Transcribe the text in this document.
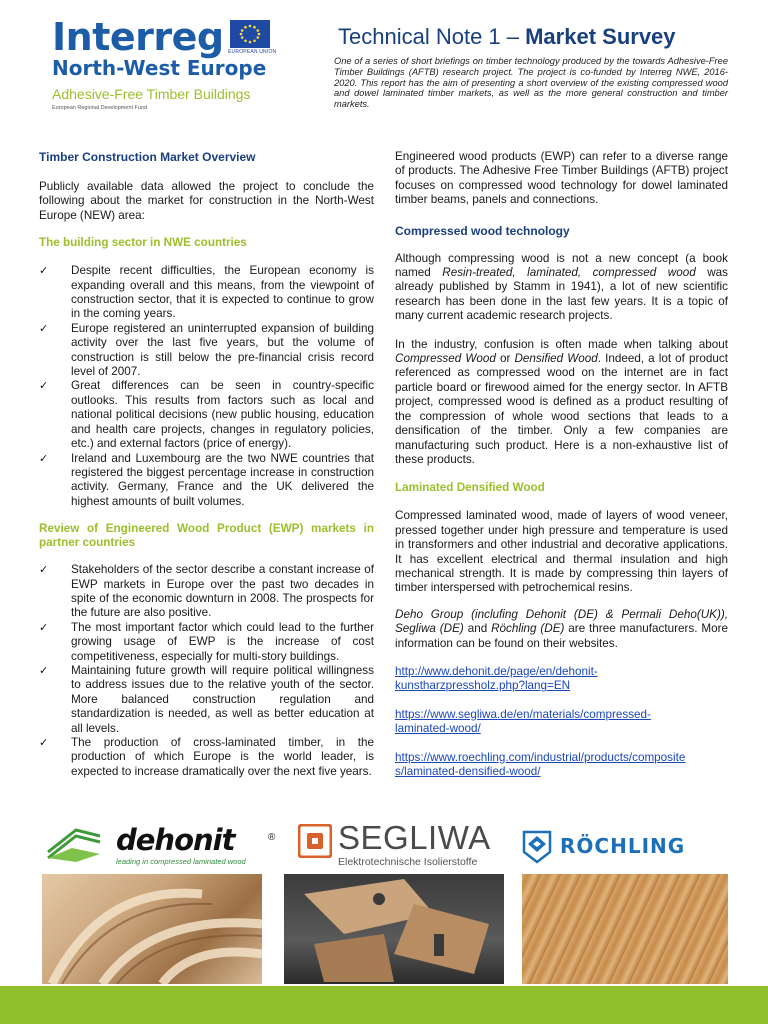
Interreg EUROPEAN UNION
North-West Europe
Adhesive-Free Timber Buildings
European Regional Development Fund
Technical Note 1 – Market Survey

One of a series of short briefings on timber technology produced by the towards Adhesive-Free Timber Buildings (AFTB) research project. The project is co-funded by Interreg NWE, 2016-2020. This report has the aim of presenting a short overview of the existing compressed wood and dowel laminated timber markets, as well as the more general construction and timber markets.

Timber Construction Market Overview

Publicly available data allowed the project to conclude the following about the market for construction in the North-West Europe (NEW) area:

The building sector in NWE countries
✓	Despite recent difficulties, the European economy is expanding overall and this means, from the viewpoint of construction sector, that it is expected to continue to grow in the coming years.
✓	Europe registered an uninterrupted expansion of building activity over the last five years, but the volume of construction is still below the pre-financial crisis record level of 2007.
✓	Great differences can be seen in country-specific outlooks. This results from factors such as local and national political decisions (new public housing, education and health care projects, changes in regulatory policies, etc.) and external factors (price of energy).
✓	Ireland and Luxembourg are the two NWE countries that registered the biggest percentage increase in construction activity. Germany, France and the UK delivered the highest amounts of built volumes.
Review of Engineered Wood Product (EWP) markets in partner countries
✓	Stakeholders of the sector describe a constant increase of EWP markets in Europe over the past two decades in spite of the economic downturn in 2008. The prospects for the future are also positive.
✓	The most important factor which could lead to the further growing usage of EWP is the increase of cost competitiveness, especially for multi-story buildings.
✓	Maintaining future growth will require political willingness to address issues due to the relative youth of the sector. More balanced construction regulation and standardization is needed, as well as better education at all levels.
✓	The production of cross-laminated timber, in the production of which Europe is the world leader, is expected to increase dramatically over the next five years.

Engineered wood products (EWP) can refer to a diverse range of products. The Adhesive Free Timber Buildings (AFTB) project focuses on compressed wood technology for dowel laminated timber beams, panels and connections.

Compressed wood technology

Although compressing wood is not a new concept (a book named Resin-treated, laminated, compressed wood was already published by Stamm in 1941), a lot of new scientific research has been done in the last few years. It is a topic of many current academic research projects.

In the industry, confusion is often made when talking about Compressed Wood or Densified Wood. Indeed, a lot of product referenced as compressed wood on the internet are in fact particle board or firewood aimed for the energy sector. In AFTB project, compressed wood is defined as a product resulting of the compression of whole wood sections that leads to a densification of the timber. Only a few companies are manufacturing such product. Here is a non-exhaustive list of these products.

Laminated Densified Wood

Compressed laminated wood, made of layers of wood veneer, pressed together under high pressure and temperature is used in transformers and other industrial and decorative applications. It has excellent electrical and thermal insulation and high mechanical strength. It is made by compressing thin layers of timber interspersed with petrochemical resins.

Deho Group (inclufing Dehonit (DE) & Permali Deho(UK)), Segliwa (DE) and Röchling (DE) are three manufacturers. More information can be found on their websites.

http://www.dehonit.de/page/en/dehonit-
kunstharzpressholz.php?lang=EN

https://www.segliwa.de/en/materials/compressed-
laminated-wood/

https://www.roechling.com/industrial/products/composite
s/laminated-densified-wood/

dehonit	®
leading in compressed laminated wood
SEGLIWA
Elektrotechnische Isolierstoffe
RÖCHLING
